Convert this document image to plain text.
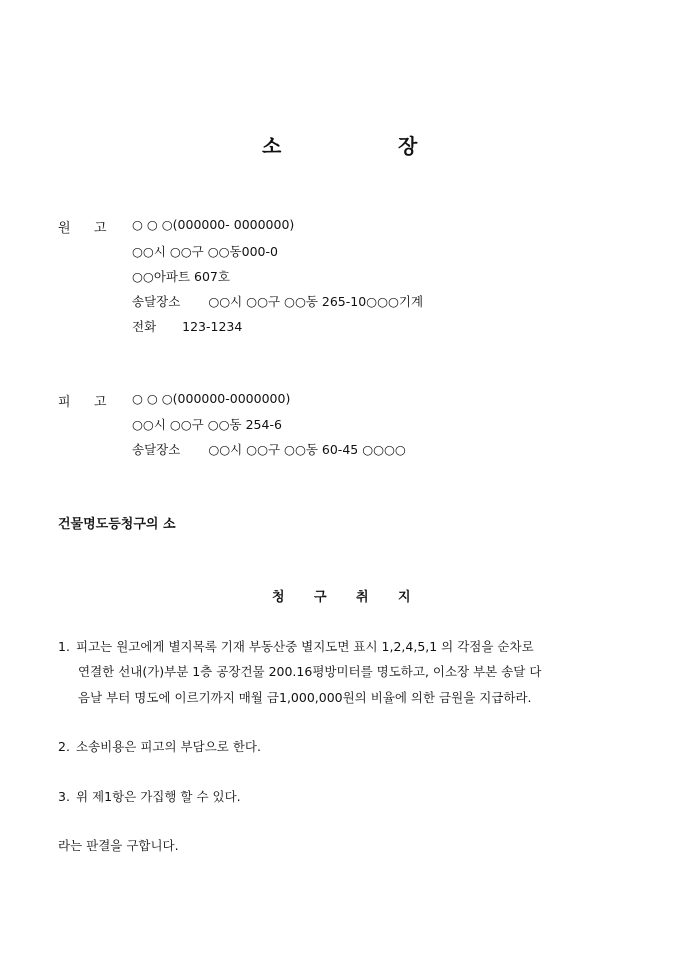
소	장
원 고 ○ ○ ○(000000- 0000000)
○○시 ○○구 ○○동000-0
○○아파트 607호
송달장소 ○○시 ○○구 ○○동 265-10○○○기계
전화 123-1234
피 고 ○ ○ ○(000000-0000000)
○○시 ○○구 ○○동 254-6
송달장소 ○○시 ○○구 ○○동 60-45 ○○○○
건물명도등청구의 소
청 구 취 지
1. 피고는 원고에게 별지목록 기재 부동산중 별지도면 표시 1,2,4,5,1 의 각점을 순차로
연결한 선내(가)부분 1층 공장건물 200.16평방미터를 명도하고, 이소장 부본 송달 다
음날 부터 명도에 이르기까지 매월 금1,000,000원의 비율에 의한 금원을 지급하라.
2. 소송비용은 피고의 부담으로 한다.
3. 위 제1항은 가집행 할 수 있다.
라는 판결을 구합니다.
